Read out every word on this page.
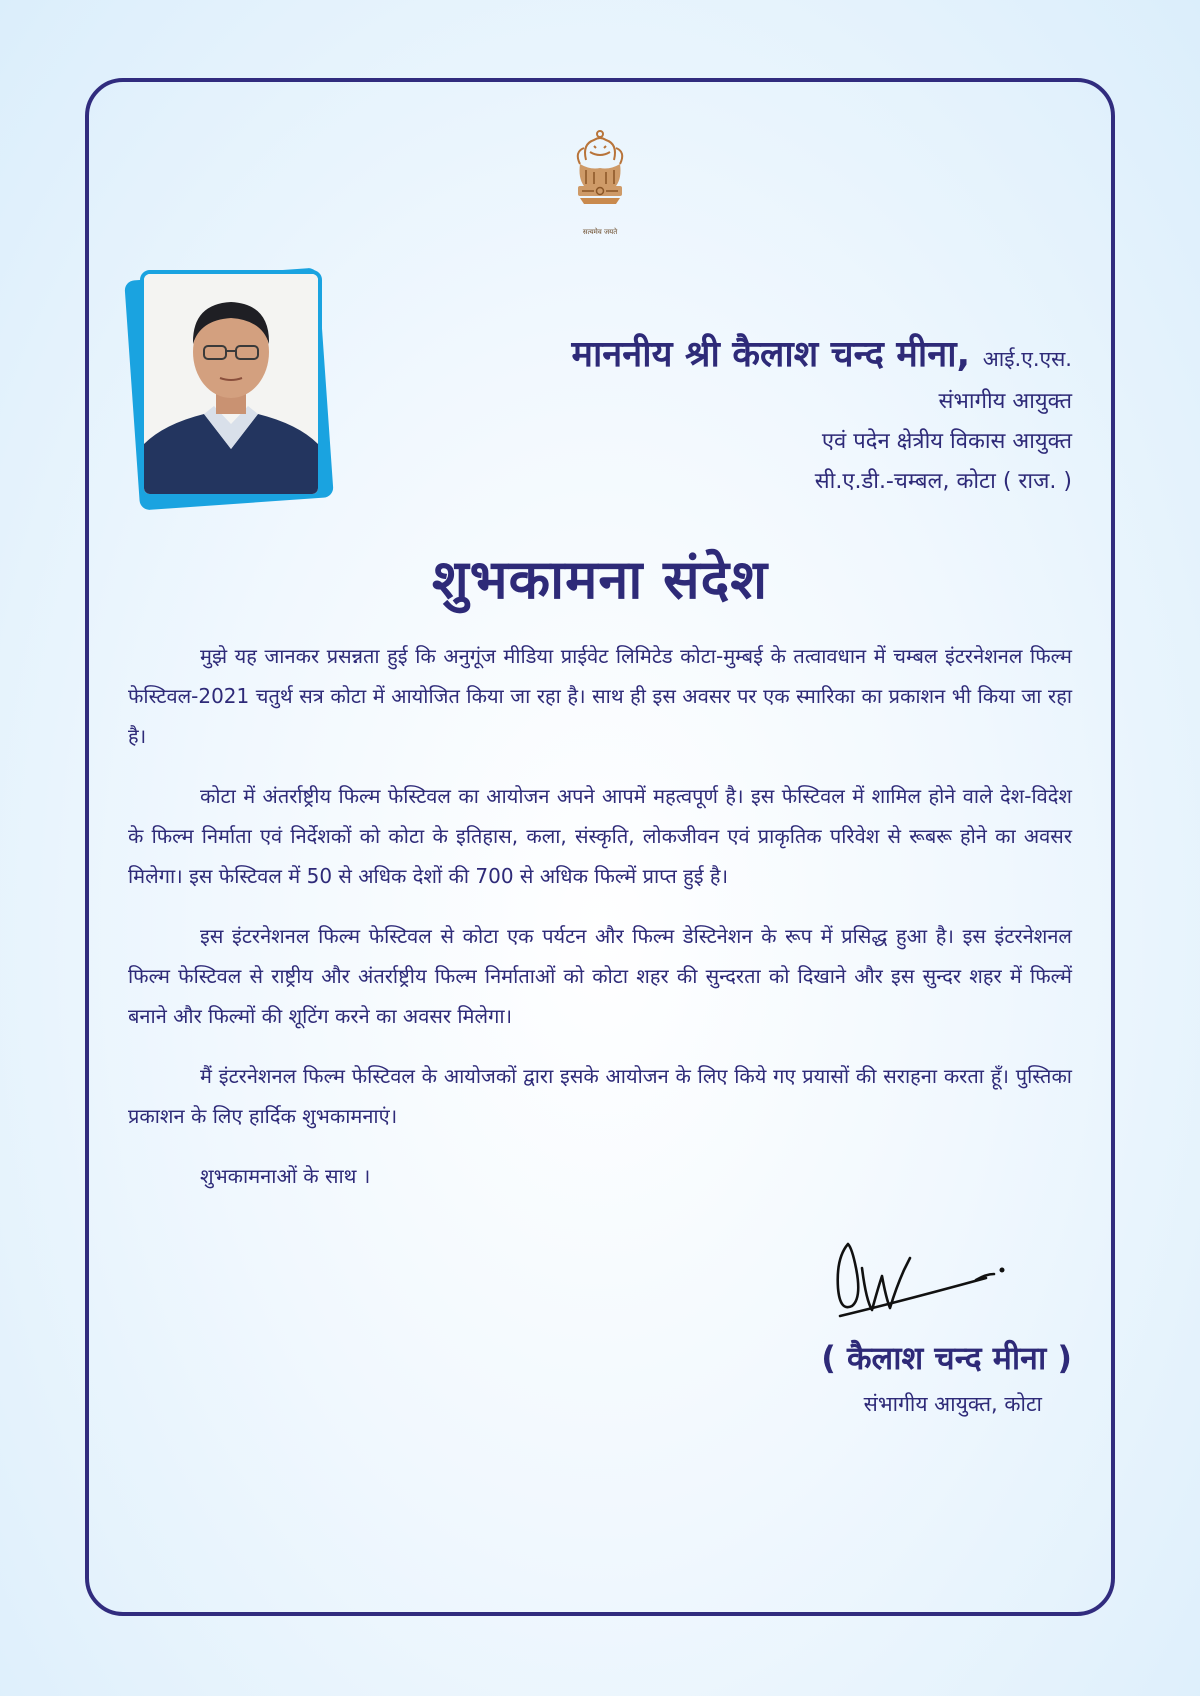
सत्यमेव जयते
माननीय श्री कैलाश चन्द मीना, आई.ए.एस.
संभागीय आयुक्त
एवं पदेन क्षेत्रीय विकास आयुक्त
सी.ए.डी.-चम्बल, कोटा ( राज. )
शुभकामना संदेश

मुझे यह जानकर प्रसन्नता हुई कि अनुगूंज मीडिया प्राईवेट लिमिटेड कोटा-मुम्बई के तत्वावधान में चम्बल इंटरनेशनल फिल्म फेस्टिवल-2021 चतुर्थ सत्र कोटा में आयोजित किया जा रहा है। साथ ही इस अवसर पर एक स्मारिका का प्रकाशन भी किया जा रहा है।

कोटा में अंतर्राष्ट्रीय फिल्म फेस्टिवल का आयोजन अपने आपमें महत्वपूर्ण है। इस फेस्टिवल में शामिल होने वाले देश-विदेश के फिल्म निर्माता एवं निर्देशकों को कोटा के इतिहास, कला, संस्कृति, लोकजीवन एवं प्राकृतिक परिवेश से रूबरू होने का अवसर मिलेगा। इस फेस्टिवल में 50 से अधिक देशों की 700 से अधिक फिल्में प्राप्त हुई है।

इस इंटरनेशनल फिल्म फेस्टिवल से कोटा एक पर्यटन और फिल्म डेस्टिनेशन के रूप में प्रसिद्ध हुआ है। इस इंटरनेशनल फिल्म फेस्टिवल से राष्ट्रीय और अंतर्राष्ट्रीय फिल्म निर्माताओं को कोटा शहर की सुन्दरता को दिखाने और इस सुन्दर शहर में फिल्में बनाने और फिल्मों की शूटिंग करने का अवसर मिलेगा।

मैं इंटरनेशनल फिल्म फेस्टिवल के आयोजकों द्वारा इसके आयोजन के लिए किये गए प्रयासों की सराहना करता हूँ। पुस्तिका प्रकाशन के लिए हार्दिक शुभकामनाएं।

शुभकामनाओं के साथ ।

( कैलाश चन्द मीना )
संभागीय आयुक्त, कोटा
